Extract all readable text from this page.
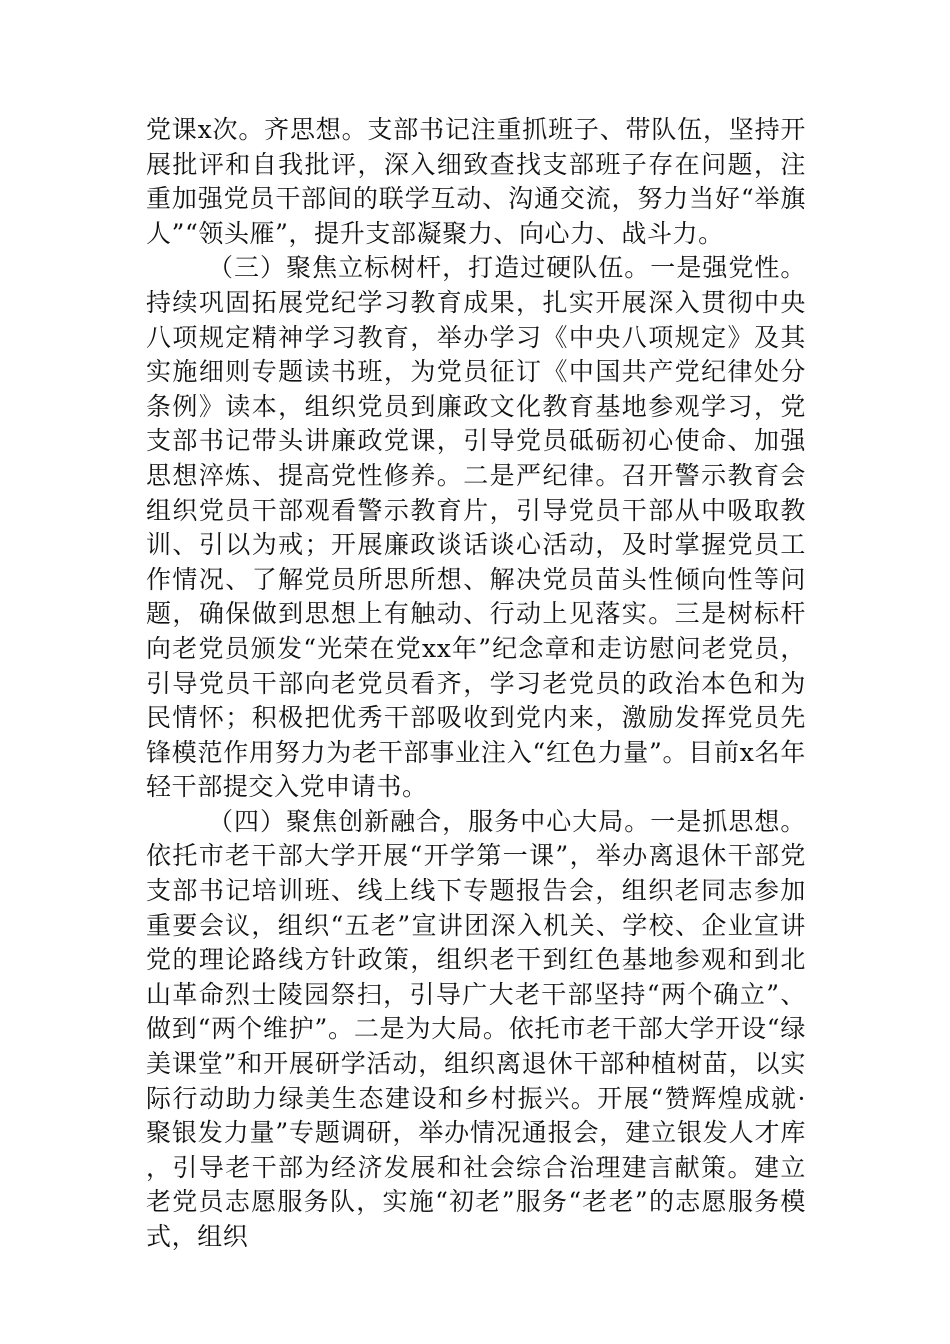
党课x次。齐思想。支部书记注重抓班子、带队伍，坚持开展批评和自我批评，深入细致查找支部班子存在问题，注重加强党员干部间的联学互动、沟通交流，努力当好“举旗人”“领头雁”，提升支部凝聚力、向心力、战斗力。

（三）聚焦立标树杆，打造过硬队伍。一是强党性。持续巩固拓展党纪学习教育成果，扎实开展深入贯彻中央八项规定精神学习教育，举办学习《中央八项规定》及其实施细则专题读书班，为党员征订《中国共产党纪律处分条例》读本，组织党员到廉政文化教育基地参观学习，党支部书记带头讲廉政党课，引导党员砥砺初心使命、加强思想淬炼、提高党性修养。二是严纪律。召开警示教育会组织党员干部观看警示教育片，引导党员干部从中吸取教训、引以为戒；开展廉政谈话谈心活动，及时掌握党员工作情况、了解党员所思所想、解决党员苗头性倾向性等问题，确保做到思想上有触动、行动上见落实。三是树标杆向老党员颁发“光荣在党xx年”纪念章和走访慰问老党员，引导党员干部向老党员看齐，学习老党员的政治本色和为民情怀；积极把优秀干部吸收到党内来，激励发挥党员先锋模范作用努力为老干部事业注入“红色力量”。目前x名年轻干部提交入党申请书。

（四）聚焦创新融合，服务中心大局。一是抓思想。依托市老干部大学开展“开学第一课”，举办离退休干部党支部书记培训班、线上线下专题报告会，组织老同志参加重要会议，组织“五老”宣讲团深入机关、学校、企业宣讲党的理论路线方针政策，组织老干到红色基地参观和到北山革命烈士陵园祭扫，引导广大老干部坚持“两个确立”、做到“两个维护”。二是为大局。依托市老干部大学开设“绿美课堂”和开展研学活动，组织离退休干部种植树苗，以实际行动助力绿美生态建设和乡村振兴。开展“赞辉煌成就·聚银发力量”专题调研，举办情况通报会，建立银发人才库，引导老干部为经济发展和社会综合治理建言献策。建立老党员志愿服务队，实施“初老”服务“老老”的志愿服务模式，组织
